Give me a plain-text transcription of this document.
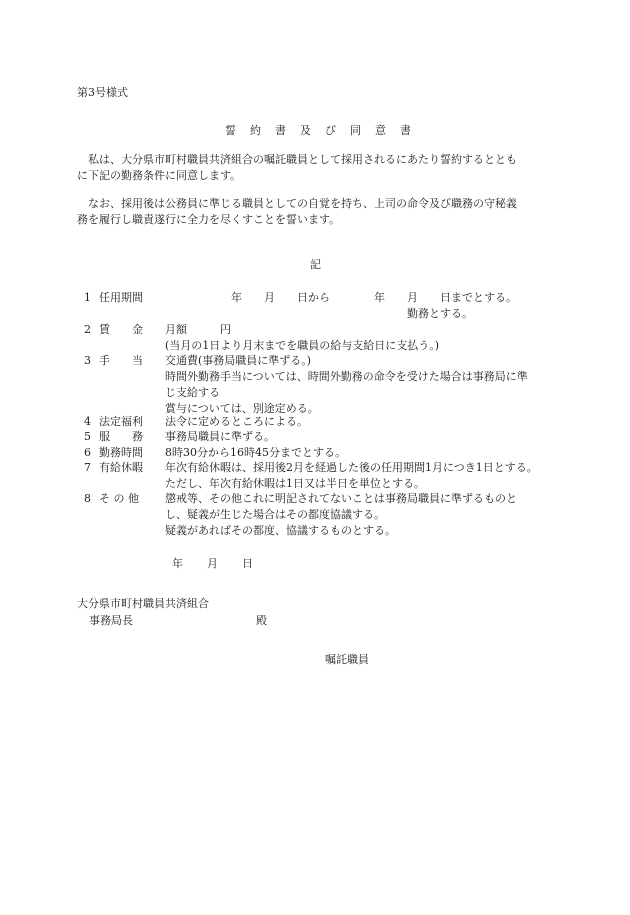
第3号様式
誓 約 書 及 び 同 意 書
　私は、大分県市町村職員共済組合の嘱託職員として採用されるにあたり誓約するととも
に下記の勤務条件に同意します。
　なお、採用後は公務員に準じる職員としての自覚を持ち、上司の命令及び職務の守秘義
務を履行し職責遂行に全力を尽くすことを誓います。
記
1 任用期間	　　　　　　年　　月　　日から　　　　年　　月　　日までとする。
　　　　　　　　　　　　　　　　　　　　　　勤務とする。
2 賃　　金	月額　　　円
(当月の1日より月末までを職員の給与支給日に支払う。)
3 手　　当	交通費(事務局職員に準ずる。)
時間外勤務手当については、時間外勤務の命令を受けた場合は事務局に準
じ支給する
賞与については、別途定める。
4 法定福利	法令に定めるところによる。
5 服　　務	事務局職員に準ずる。
6 勤務時間	8時30分から16時45分までとする。
7 有給休暇	年次有給休暇は、採用後2月を経過した後の任用期間1月につき1日とする。
ただし、年次有給休暇は1日又は半日を単位とする。
8 そ の 他	懲戒等、その他これに明記されてないことは事務局職員に準ずるものと
し、疑義が生じた場合はその都度協議する。
疑義があればその都度、協議するものとする。
年 月 日
大分県市町村職員共済組合
事務局長	殿
嘱託職員
